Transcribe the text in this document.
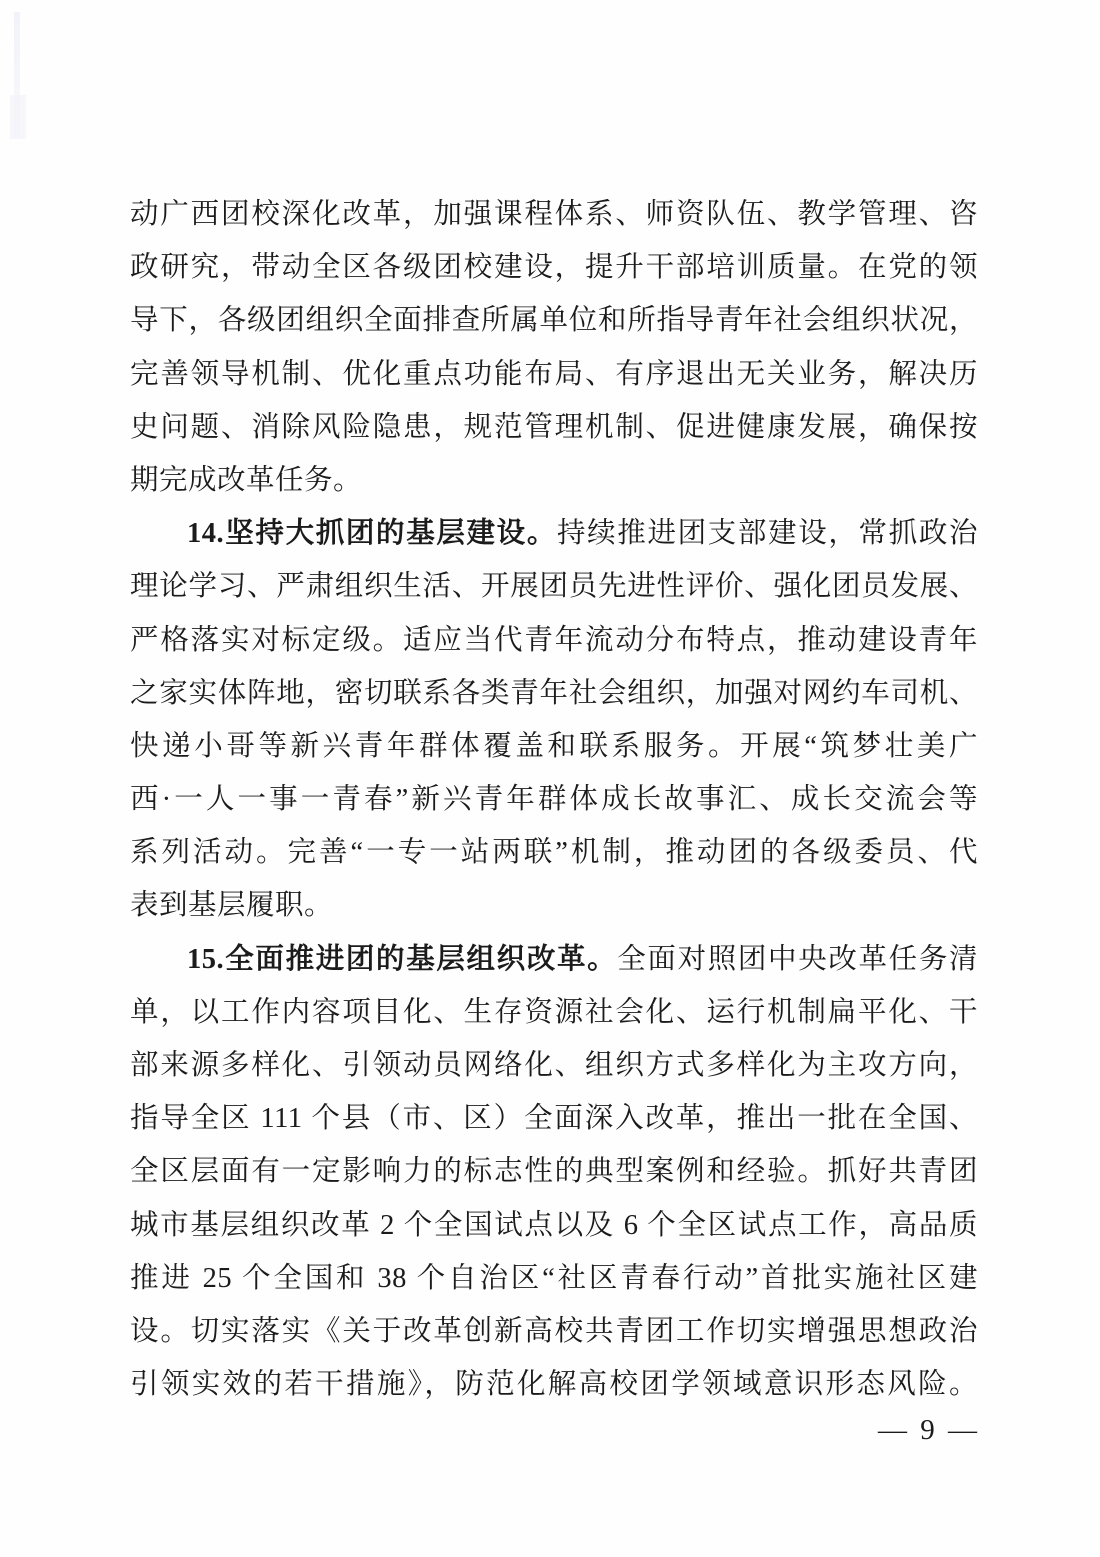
动广西团校深化改革，加强课程体系、师资队伍、教学管理、咨
政研究，带动全区各级团校建设，提升干部培训质量。在党的领
导下，各级团组织全面排查所属单位和所指导青年社会组织状况，
完善领导机制、优化重点功能布局、有序退出无关业务，解决历
史问题、消除风险隐患，规范管理机制、促进健康发展，确保按
期完成改革任务。
14.坚持大抓团的基层建设。持续推进团支部建设，常抓政治
理论学习、严肃组织生活、开展团员先进性评价、强化团员发展、
严格落实对标定级。适应当代青年流动分布特点，推动建设青年
之家实体阵地，密切联系各类青年社会组织，加强对网约车司机、
快递小哥等新兴青年群体覆盖和联系服务。开展“筑梦壮美广
西·一人一事一青春”新兴青年群体成长故事汇、成长交流会等
系列活动。完善“一专一站两联”机制，推动团的各级委员、代
表到基层履职。
15.全面推进团的基层组织改革。全面对照团中央改革任务清
单，以工作内容项目化、生存资源社会化、运行机制扁平化、干
部来源多样化、引领动员网络化、组织方式多样化为主攻方向，
指导全区 111 个县（市、区）全面深入改革，推出一批在全国、
全区层面有一定影响力的标志性的典型案例和经验。抓好共青团
城市基层组织改革 2 个全国试点以及 6 个全区试点工作，高品质
推进 25 个全国和 38 个自治区“社区青春行动”首批实施社区建
设。切实落实《关于改革创新高校共青团工作切实增强思想政治
引领实效的若干措施》，防范化解高校团学领域意识形态风险。
— 9 —
